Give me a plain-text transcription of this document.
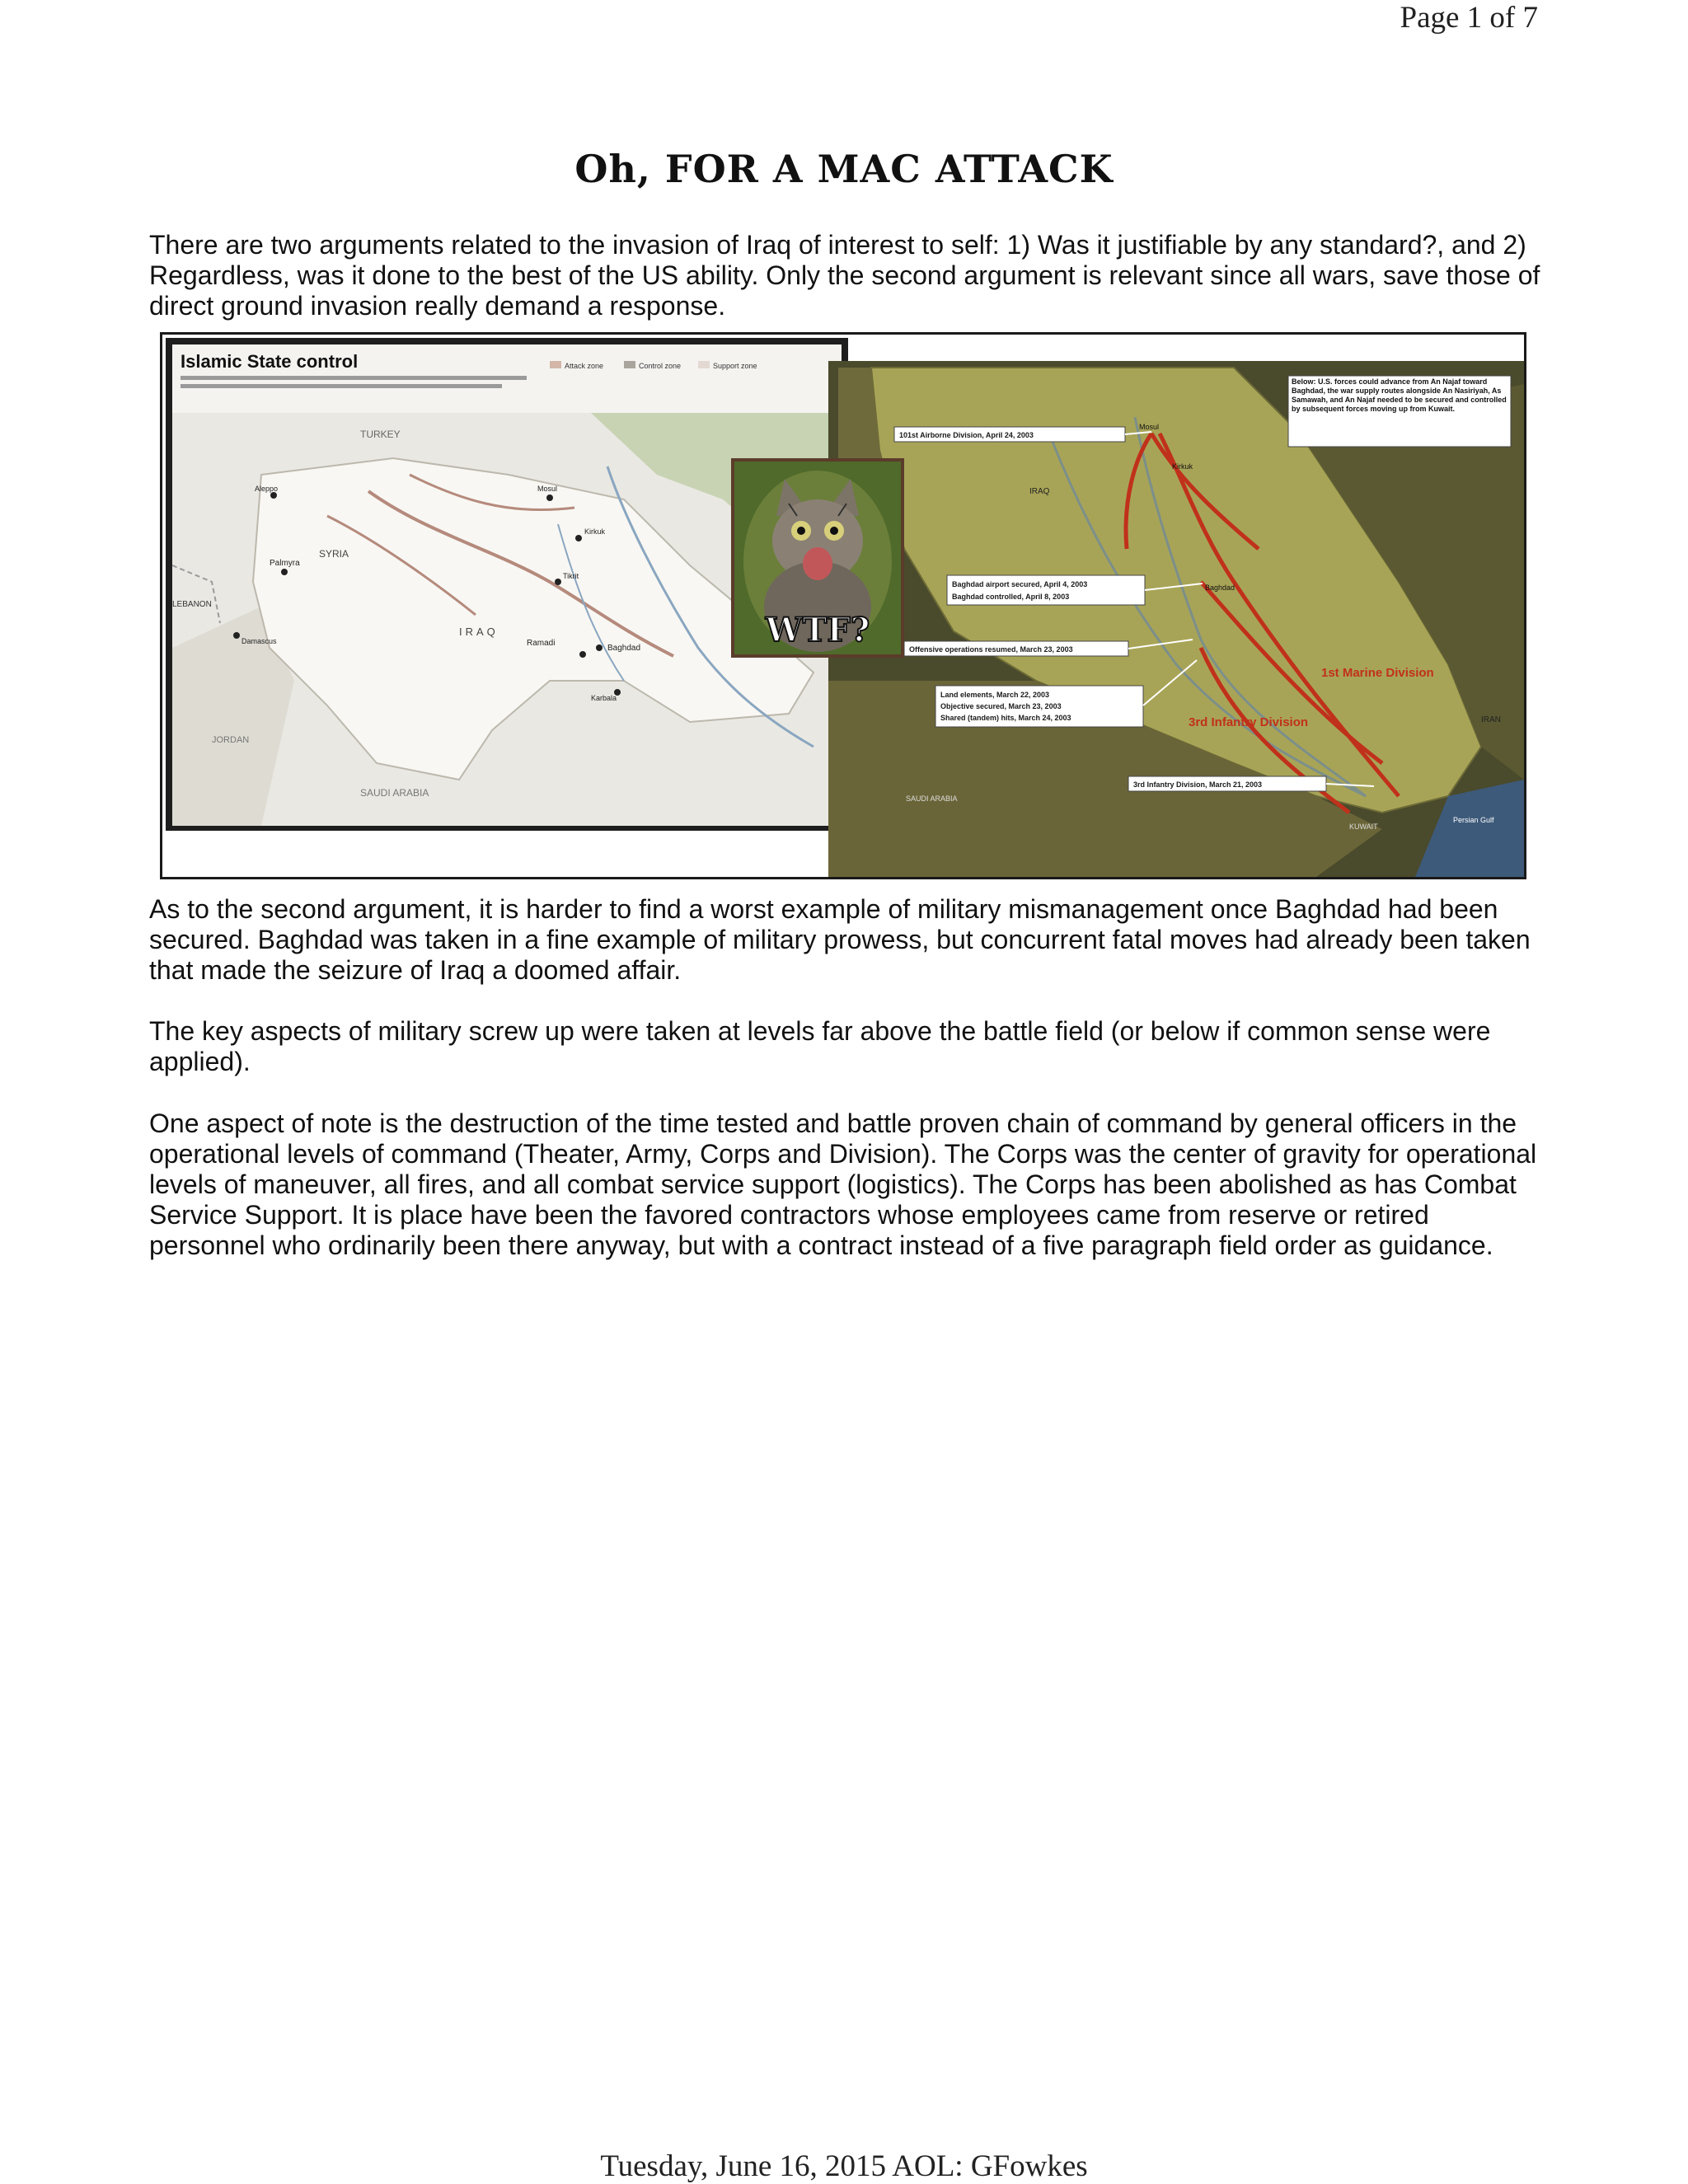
Page 1 of 7
Oh, FOR A MAC ATTACK

There are two arguments related to the invasion of Iraq of interest to self: 1) Was it justifiable by any standard?, and 2) Regardless, was it done to the best of the US ability. Only the second argument is relevant since all wars, save those of direct ground invasion really demand a response.

Islamic State control	Attack zone	Control zone	Support zone
TURKEY
SYRIA
IRAQ
JORDAN
SAUDI ARABIA
LEBANON
Palmyra
Baghdad
Ramadi
Aleppo	Mosul
Kirkuk
Tikrit
Damascus
Karbala
TURKEY
IRAQ
Mosul
Kirkuk
Baghdad
IRAN
KUWAIT
Persian Gulf
SAUDI ARABIA
1st Marine Division
3rd Infantry Division
Below: U.S. forces could advance from An Najaf toward Baghdad, the war supply routes alongside An Nasiriyah, As Samawah, and An Najaf needed to be secured and controlled by subsequent forces moving up from Kuwait.
101st Airborne Division, April 24, 2003
Baghdad airport secured, April 4, 2003
Baghdad controlled, April 8, 2003
Offensive operations resumed, March 23, 2003
Land elements, March 22, 2003
Objective secured, March 23, 2003
Shared (tandem) hits, March 24, 2003
3rd Infantry Division, March 21, 2003
WTF?

As to the second argument, it is harder to find a worst example of military mismanagement once Baghdad had been secured. Baghdad was taken in a fine example of military prowess, but concurrent fatal moves had already been taken that made the seizure of Iraq a doomed affair.

The key aspects of military screw up were taken at levels far above the battle field (or below if common sense were applied).

One aspect of note is the destruction of the time tested and battle proven chain of command by general officers in the operational levels of command (Theater, Army, Corps and Division). The Corps was the center of gravity for operational levels of maneuver, all fires, and all combat service support (logistics). The Corps has been abolished as has Combat Service Support. It is place have been the favored contractors whose employees came from reserve or retired personnel who ordinarily been there anyway, but with a contract instead of a five paragraph field order as guidance.

Tuesday, June 16, 2015 AOL: GFowkes
